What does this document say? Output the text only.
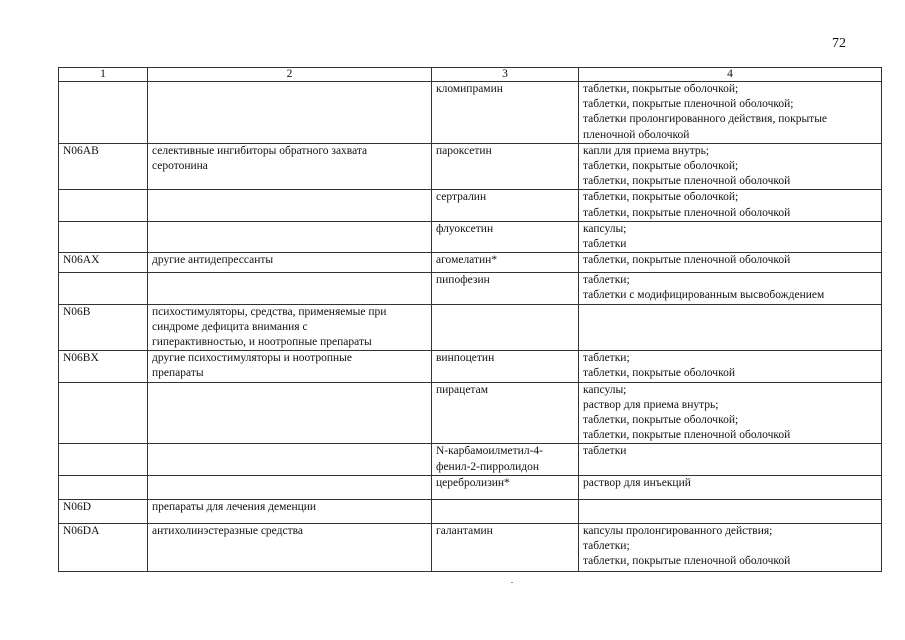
72
1	2	3	4

		кломипрамин	таблетки, покрытые оболочкой;
таблетки, покрытые пленочной оболочкой;
таблетки пролонгированного действия, покрытые
пленочной оболочкой

N06AB	селективные ингибиторы обратного захвата
серотонина	пароксетин	капли для приема внутрь;
таблетки, покрытые оболочкой;
таблетки, покрытые пленочной оболочкой

		сертралин	таблетки, покрытые оболочкой;
таблетки, покрытые пленочной оболочкой

		флуоксетин	капсулы;
таблетки

N06AX	другие антидепрессанты	агомелатин*	таблетки, покрытые пленочной оболочкой

		пипофезин	таблетки;
таблетки с модифицированным высвобождением

N06B	психостимуляторы, средства, применяемые при
синдроме дефицита внимания с
гиперактивностью, и ноотропные препараты		

N06BX	другие психостимуляторы и ноотропные
препараты	винпоцетин	таблетки;
таблетки, покрытые оболочкой

		пирацетам	капсулы;
раствор для приема внутрь;
таблетки, покрытые оболочкой;
таблетки, покрытые пленочной оболочкой

		N-карбамоилметил-4-
фенил-2-пирролидон	таблетки

		церебролизин*	раствор для инъекций

N06D	препараты для лечения деменции		

N06DA	антихолинэстеразные средства	галантамин	капсулы пролонгированного действия;
таблетки;
таблетки, покрытые пленочной оболочкой
